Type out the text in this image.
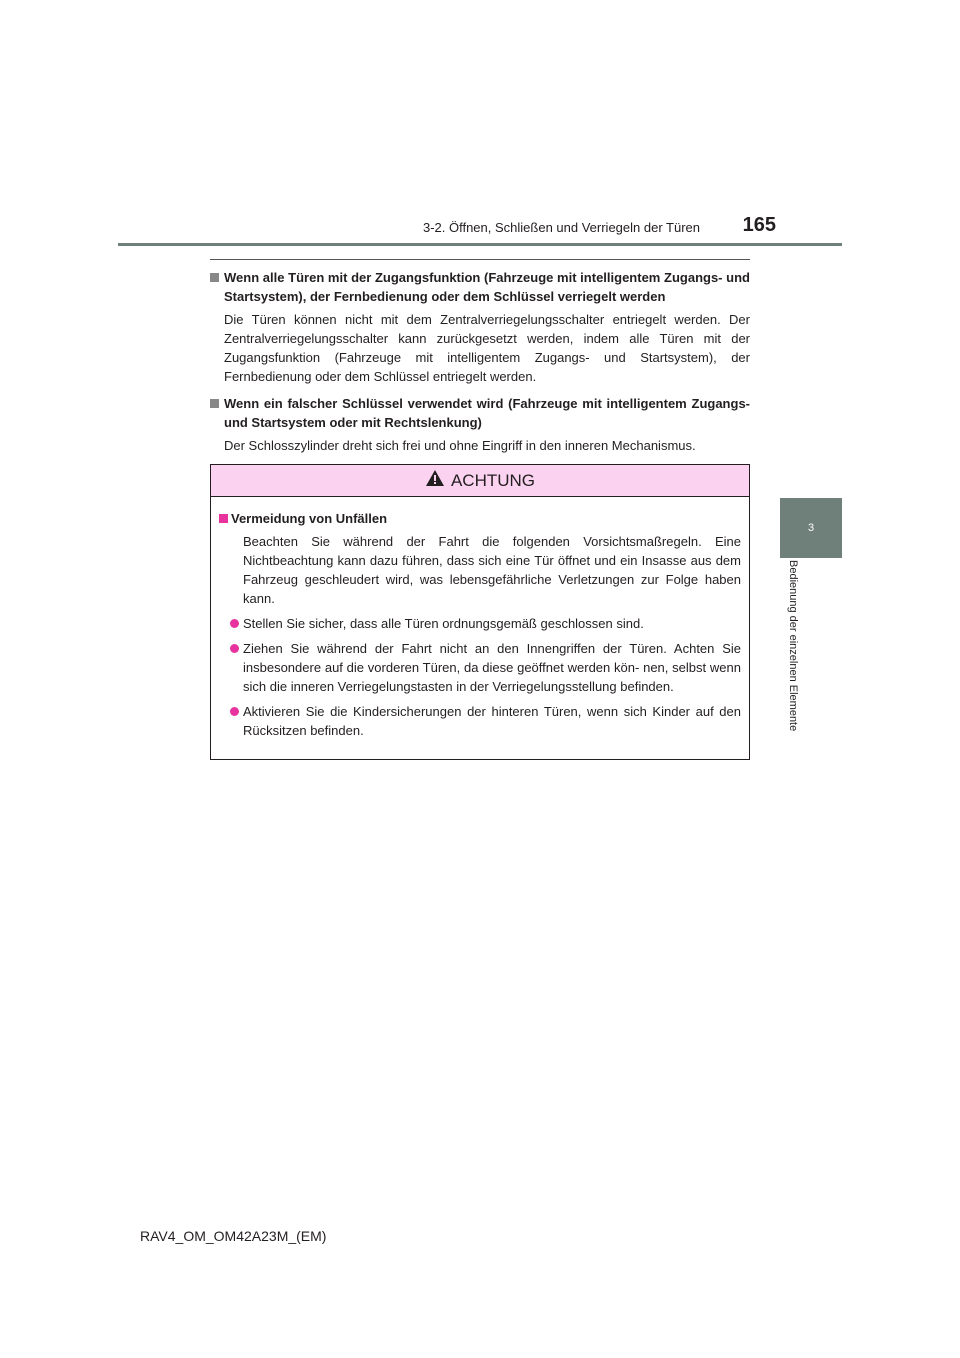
3-2. Öffnen, Schließen und Verriegeln der Türen	165
3
Bedienung der einzelnen Elemente

Wenn alle Türen mit der Zugangsfunktion (Fahrzeuge mit intelligentem Zugangs- und Startsystem), der Fernbedienung oder dem Schlüssel verriegelt werden

Die Türen können nicht mit dem Zentralverriegelungsschalter entriegelt werden. Der Zentralverriegelungsschalter kann zurückgesetzt werden, indem alle Türen mit der Zugangsfunktion (Fahrzeuge mit intelligentem Zugangs- und Startsystem), der Fernbedienung oder dem Schlüssel entriegelt werden.

Wenn ein falscher Schlüssel verwendet wird (Fahrzeuge mit intelligentem Zugangs- und Startsystem oder mit Rechtslenkung)

Der Schlosszylinder dreht sich frei und ohne Eingriff in den inneren Mechanismus.

ACHTUNG

Vermeidung von Unfällen

Beachten Sie während der Fahrt die folgenden Vorsichtsmaßregeln. Eine Nichtbeachtung kann dazu führen, dass sich eine Tür öffnet und ein Insasse aus dem Fahrzeug geschleudert wird, was lebensgefährliche Verletzungen zur Folge haben kann.

Stellen Sie sicher, dass alle Türen ordnungsgemäß geschlossen sind.
Ziehen Sie während der Fahrt nicht an den Innengriffen der Türen. Achten Sie insbesondere auf die vorderen Türen, da diese geöffnet werden kön- nen, selbst wenn sich die inneren Verriegelungstasten in der Verriegelungsstellung befinden.
Aktivieren Sie die Kindersicherungen der hinteren Türen, wenn sich Kinder auf den Rücksitzen befinden.
RAV4_OM_OM42A23M_(EM)
